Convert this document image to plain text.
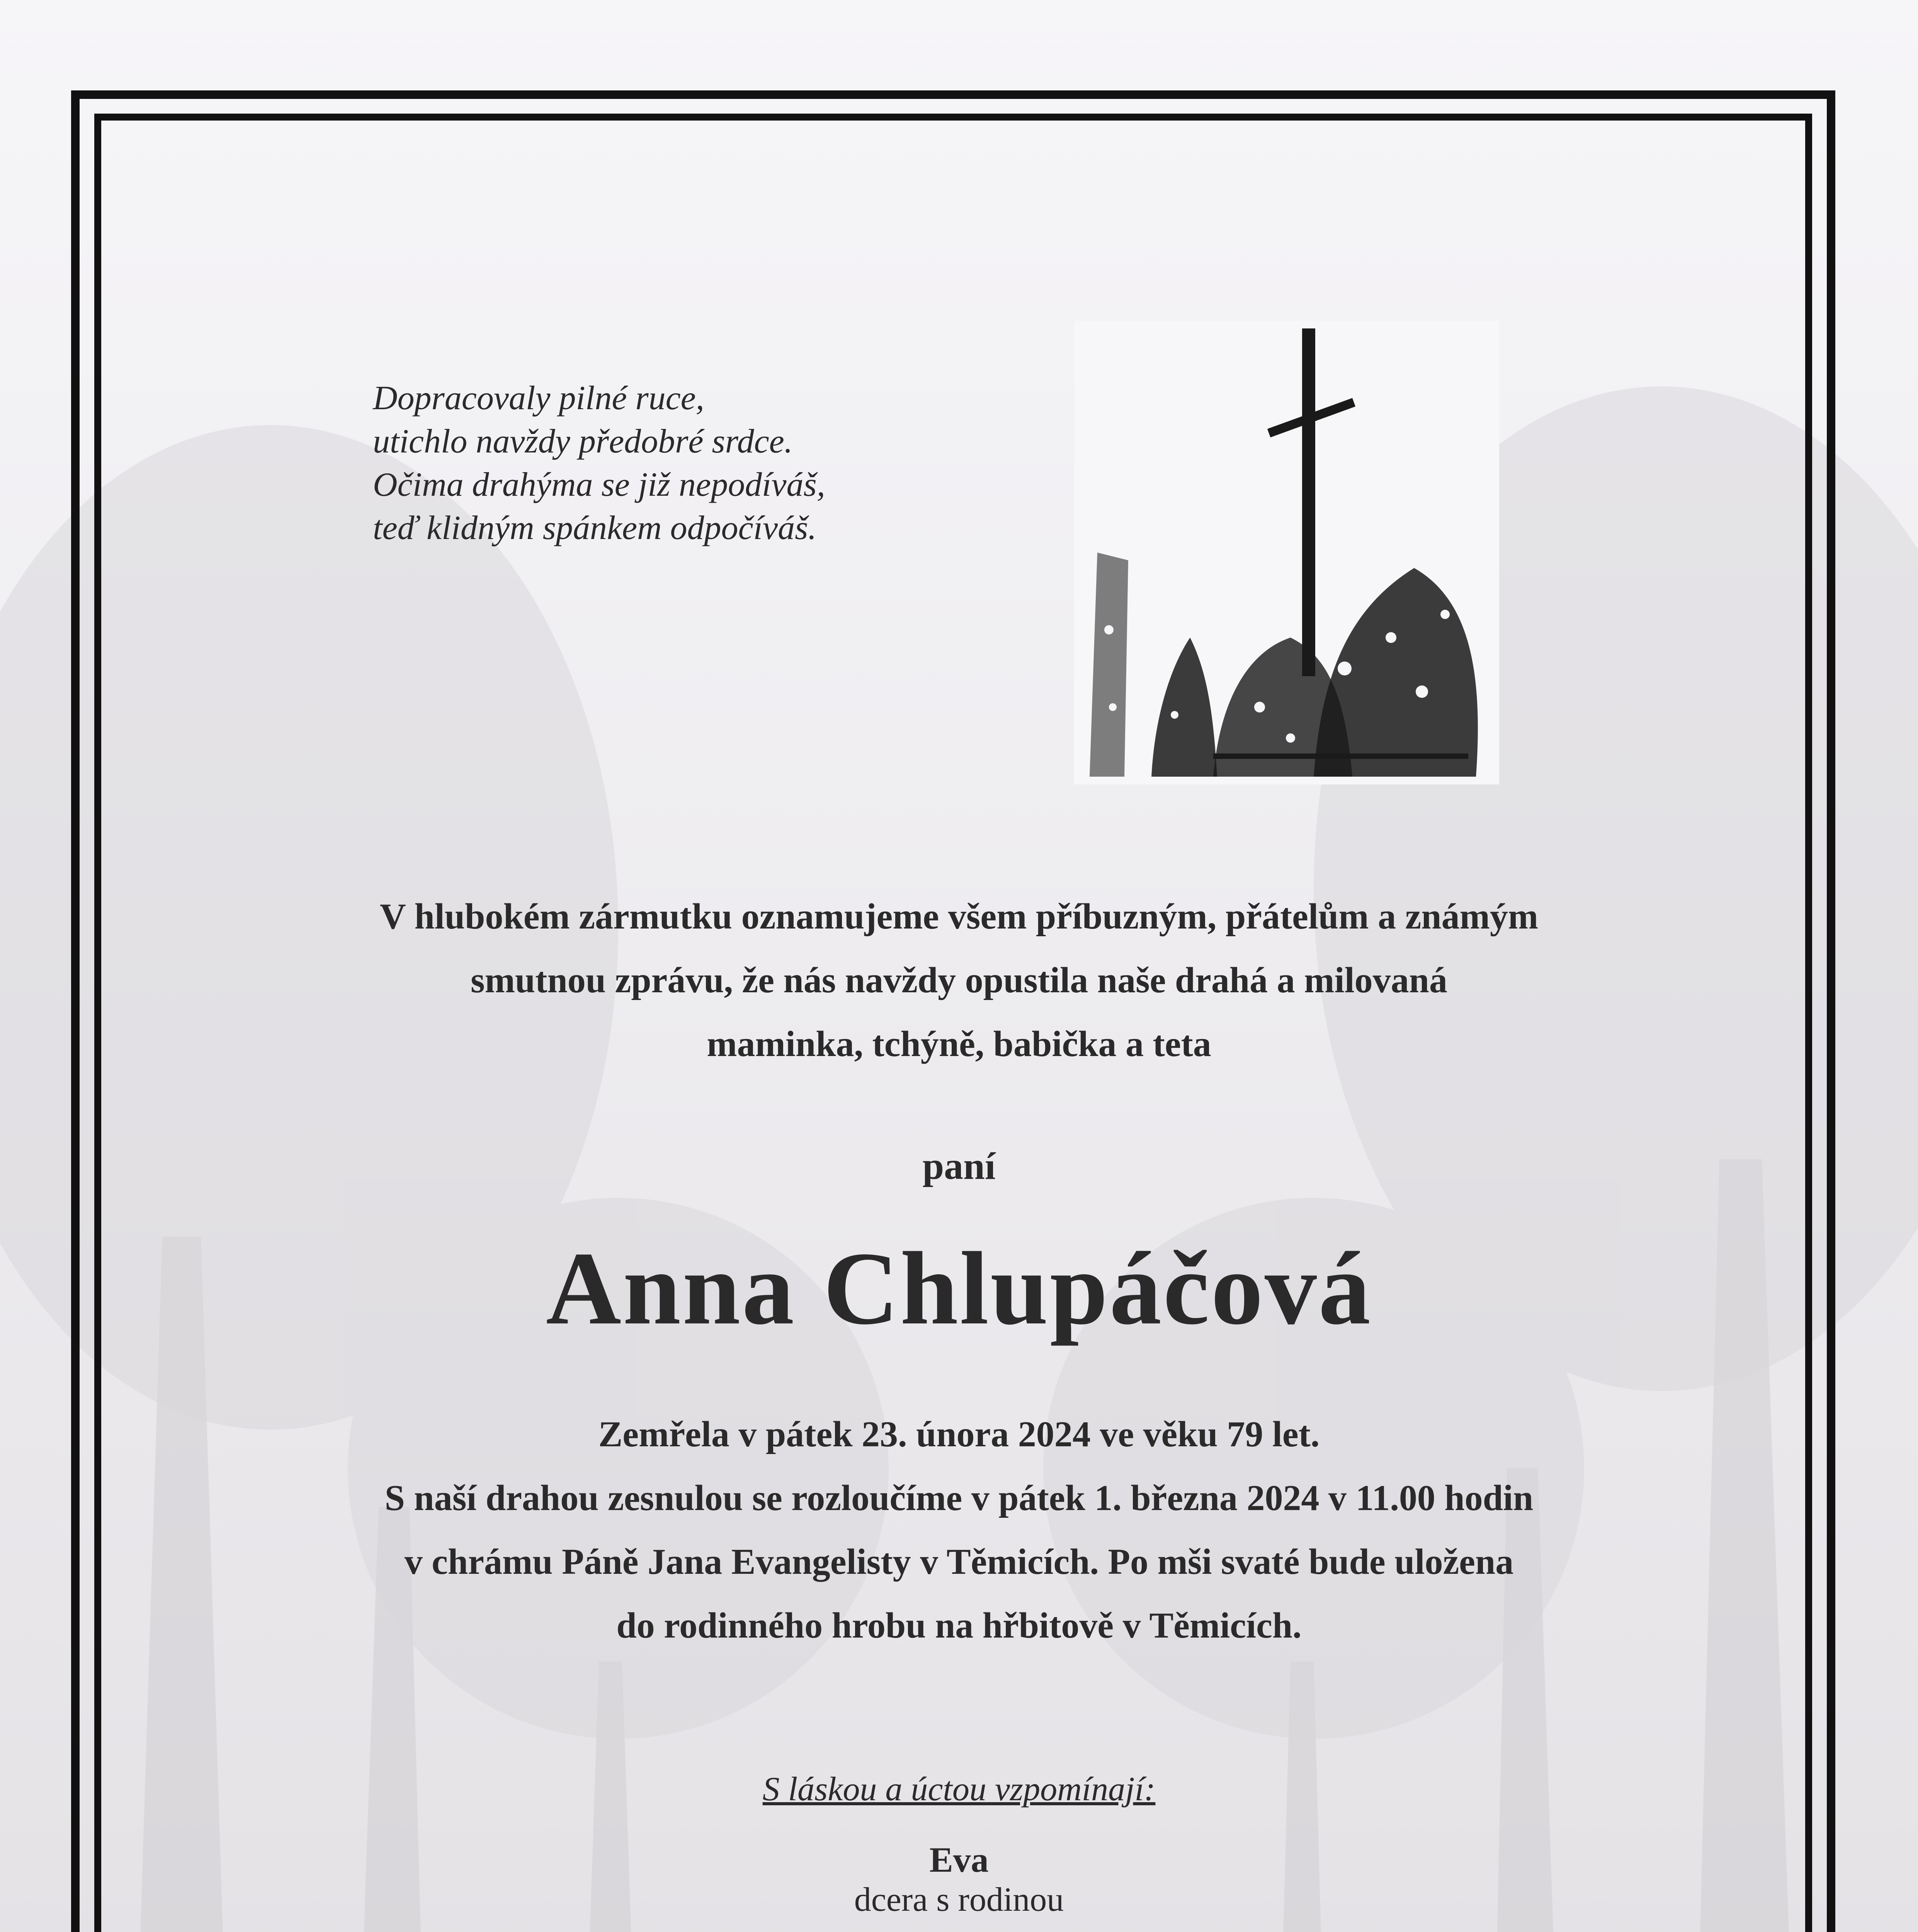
Dopracovaly pilné ruce,
utichlo navždy předobré srdce.
Očima drahýma se již nepodíváš,
teď klidným spánkem odpočíváš.
V hlubokém zármutku oznamujeme všem příbuzným, přátelům a známým
smutnou zprávu, že nás navždy opustila naše drahá a milovaná
maminka, tchýně, babička a teta
paní
Anna Chlupáčová
Zemřela v pátek 23. února 2024 ve věku 79 let.
S naší drahou zesnulou se rozloučíme v pátek 1. března 2024 v 11.00 hodin
v chrámu Páně Jana Evangelisty v Těmicích. Po mši svaté bude uložena
do rodinného hrobu na hřbitově v Těmicích.
S láskou a úctou vzpomínají:
Eva
dcera s rodinou
